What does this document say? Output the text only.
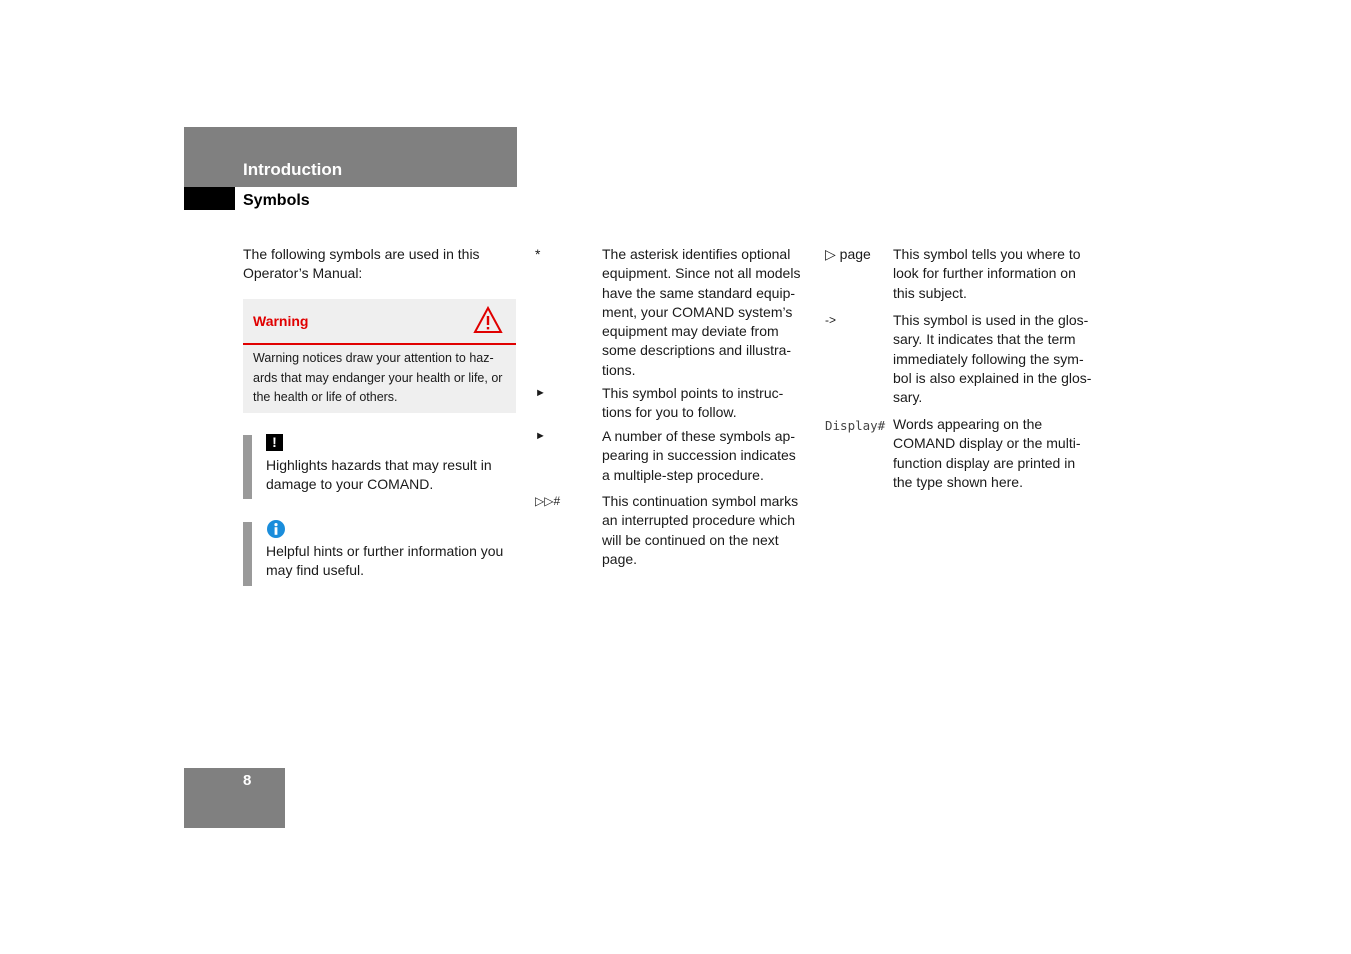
Introduction
Symbols
The following symbols are used in this Operator’s Manual:
Warning
Warning notices draw your attention to haz-ards that may endanger your health or life, or the health or life of others.
!
Highlights hazards that may result in damage to your COMAND.
Helpful hints or further information you may find useful.
*	The asterisk identifies optional equipment. Since not all models have the same standard equip-ment, your COMAND system’s equipment may deviate from some descriptions and illustra-tions.
►	This symbol points to instruc-tions for you to follow.
►	A number of these symbols ap-pearing in succession indicates a multiple-step procedure.
▷▷#	This continuation symbol marks an interrupted procedure which will be continued on the next page.
▷ page This symbol tells you where to look for further information on this subject.
->	This symbol is used in the glos-sary. It indicates that the term immediately following the sym-bol is also explained in the glos-sary.
Display# Words appearing on the COMAND display or the multi-function display are printed in the type shown here.
8
